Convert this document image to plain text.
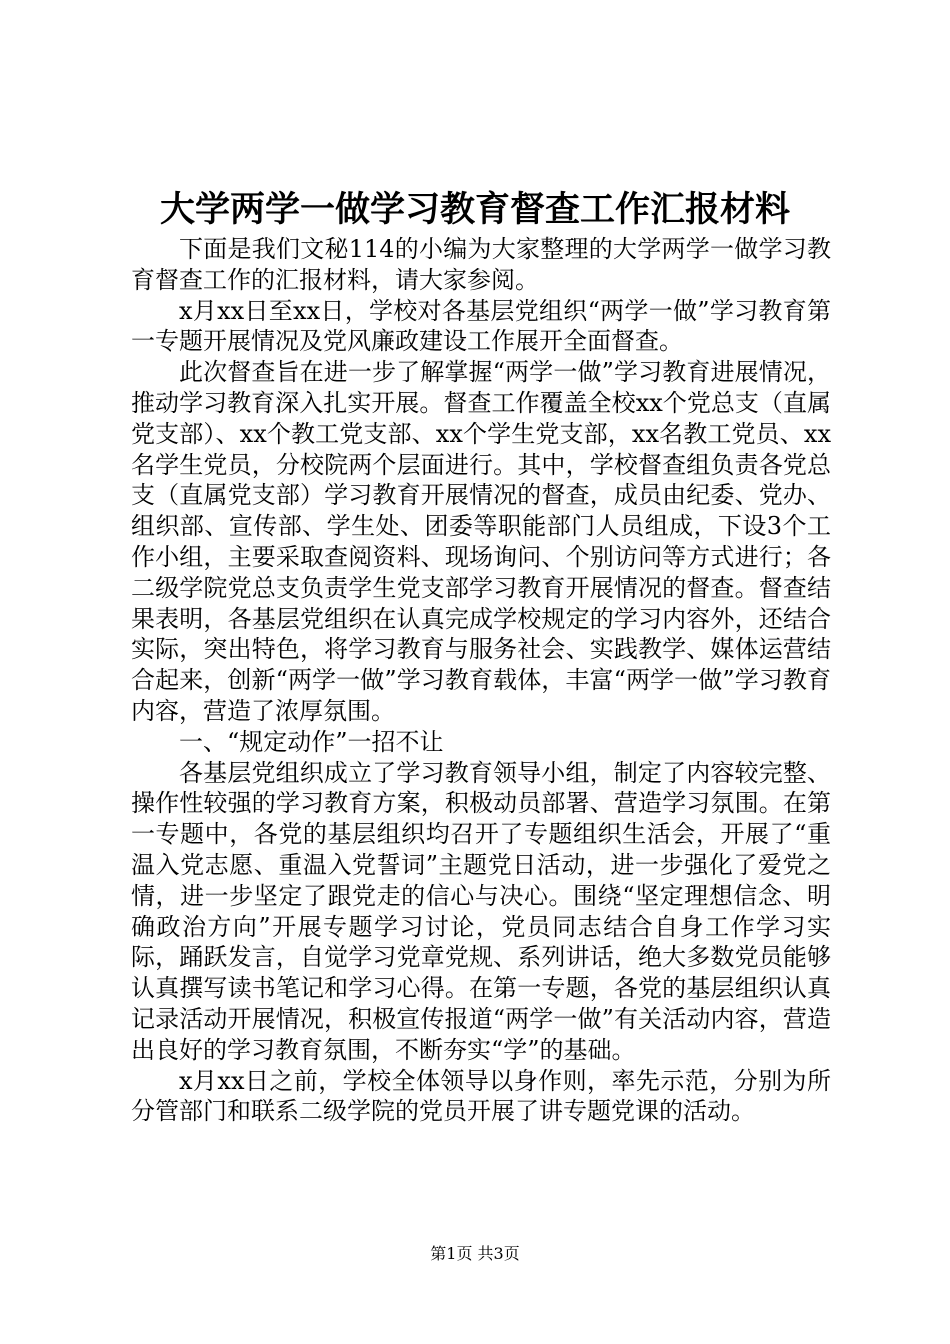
大学两学一做学习教育督查工作汇报材料

下面是我们文秘114的小编为大家整理的大学两学一做学习教育督查工作的汇报材料，请大家参阅。

x月xx日至xx日，学校对各基层党组织“两学一做”学习教育第一专题开展情况及党风廉政建设工作展开全面督查。

此次督查旨在进一步了解掌握“两学一做”学习教育进展情况，推动学习教育深入扎实开展。督查工作覆盖全校xx个党总支（直属党支部）、xx个教工党支部、xx个学生党支部，xx名教工党员、xx名学生党员，分校院两个层面进行。其中，学校督查组负责各党总支（直属党支部）学习教育开展情况的督查，成员由纪委、党办、组织部、宣传部、学生处、团委等职能部门人员组成，下设3个工作小组，主要采取查阅资料、现场询问、个别访问等方式进行；各二级学院党总支负责学生党支部学习教育开展情况的督查。督查结果表明，各基层党组织在认真完成学校规定的学习内容外，还结合实际，突出特色，将学习教育与服务社会、实践教学、媒体运营结合起来，创新“两学一做”学习教育载体，丰富“两学一做”学习教育内容，营造了浓厚氛围。

一、“规定动作”一招不让

各基层党组织成立了学习教育领导小组，制定了内容较完整、操作性较强的学习教育方案，积极动员部署、营造学习氛围。在第一专题中，各党的基层组织均召开了专题组织生活会，开展了“重温入党志愿、重温入党誓词”主题党日活动，进一步强化了爱党之情，进一步坚定了跟党走的信心与决心。围绕“坚定理想信念、明确政治方向”开展专题学习讨论，党员同志结合自身工作学习实际，踊跃发言，自觉学习党章党规、系列讲话，绝大多数党员能够认真撰写读书笔记和学习心得。在第一专题，各党的基层组织认真记录活动开展情况，积极宣传报道“两学一做”有关活动内容，营造出良好的学习教育氛围，不断夯实“学”的基础。

x月xx日之前，学校全体领导以身作则，率先示范，分别为所分管部门和联系二级学院的党员开展了讲专题党课的活动。

第1页 共3页
